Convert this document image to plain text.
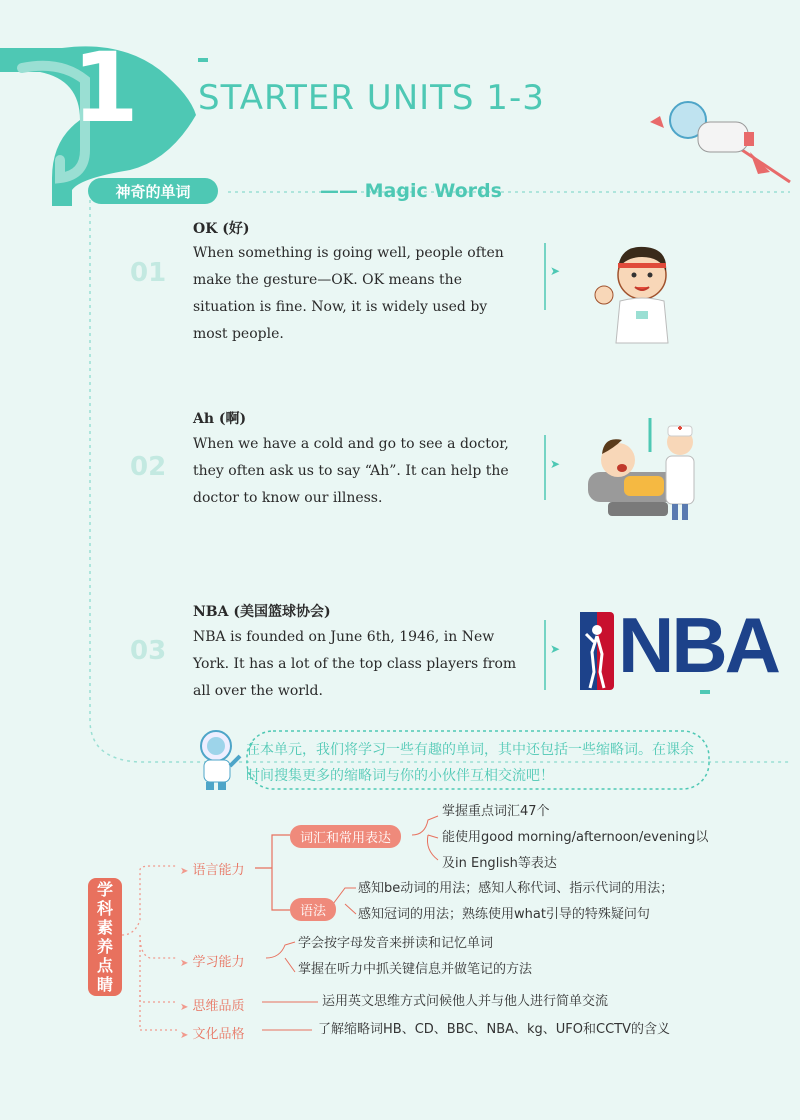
1 STARTER UNITS 1-3
神奇的单词	—— Magic Words
01
OK (好)
When something is going well, people often make the gesture—OK. OK means the situation is fine. Now, it is widely used by most people.
➤
02
Ah (啊)
When we have a cold and go to see a doctor, they often ask us to say “Ah”. It can help the doctor to know our illness.
➤
03
NBA (美国篮球协会)
NBA is founded on June 6th, 1946, in New York. It has a lot of the top class players from all over the world.
➤ NBA
在本单元，我们将学习一些有趣的单词，其中还包括一些缩略词。在课余时间搜集更多的缩略词与你的小伙伴互相交流吧！
学
科
素
养
点
睛
➤ 语言能力
词汇和常用表达
掌握重点词汇47个
能使用good morning/afternoon/evening以
及in English等表达
语法
感知be动词的用法；感知人称代词、指示代词的用法；
感知冠词的用法；熟练使用what引导的特殊疑问句
➤ 学习能力
学会按字母发音来拼读和记忆单词
掌握在听力中抓关键信息并做笔记的方法
➤ 思维品质	运用英文思维方式问候他人并与他人进行简单交流
➤ 文化品格	了解缩略词HB、CD、BBC、NBA、kg、UFO和CCTV的含义
